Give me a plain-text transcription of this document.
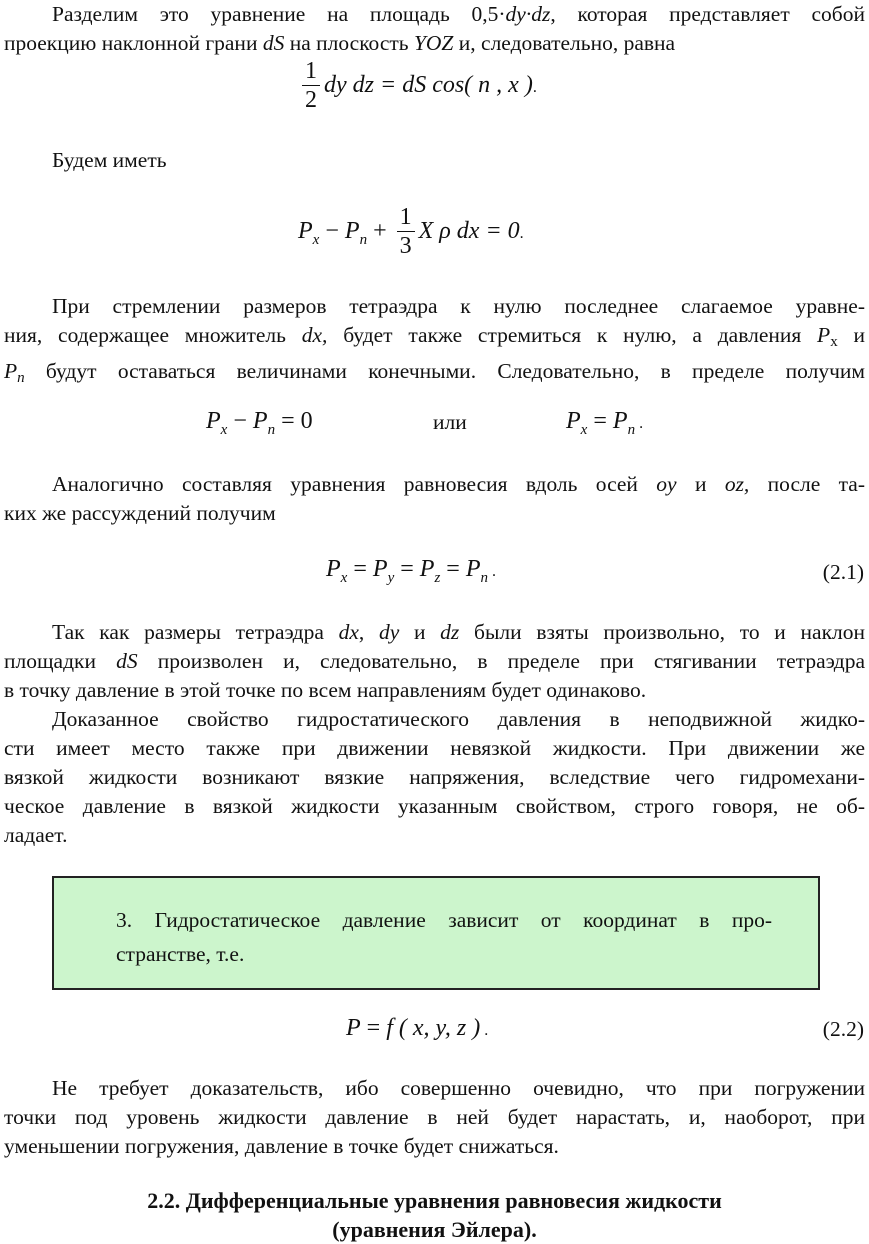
Разделим это уравнение на площадь 0,5·dy·dz, которая представляет собой
проекцию наклонной грани dS на плоскость YOZ и, следовательно, равна
$\frac{1}{2}$ dy dz = dS cos( n , x ).
Будем иметь
$P_x - P_n + \frac{1}{3}$ X ρ dx = 0.
При стремлении размеров тетраэдра к нулю последнее слагаемое уравне-
ния, содержащее множитель dx, будет также стремиться к нулю, а давления Px и
Pn будут оставаться величинами конечными. Следовательно, в пределе получим
$P_x - P_n = 0$	или	$P_x = P_n$ .
Аналогично составляя уравнения равновесия вдоль осей oy и oz, после та-
ких же рассуждений получим
$P_x = P_y = P_z = P_n$ .	(2.1)
Так как размеры тетраэдра dx, dy и dz были взяты произвольно, то и наклон
площадки dS произволен и, следовательно, в пределе при стягивании тетраэдра
в точку давление в этой точке по всем направлениям будет одинаково.
Доказанное свойство гидростатического давления в неподвижной жидко-
сти имеет место также при движении невязкой жидкости. При движении же
вязкой жидкости возникают вязкие напряжения, вследствие чего гидромехани-
ческое давление в вязкой жидкости указанным свойством, строго говоря, не об-
ладает.
3. Гидростатическое давление зависит от координат в про-
странстве, т.е.
P = f ( x, y, z ) .	(2.2)
Не требует доказательств, ибо совершенно очевидно, что при погружении
точки под уровень жидкости давление в ней будет нарастать, и, наоборот, при
уменьшении погружения, давление в точке будет снижаться.
2.2. Дифференциальные уравнения равновесия жидкости
(уравнения Эйлера).
